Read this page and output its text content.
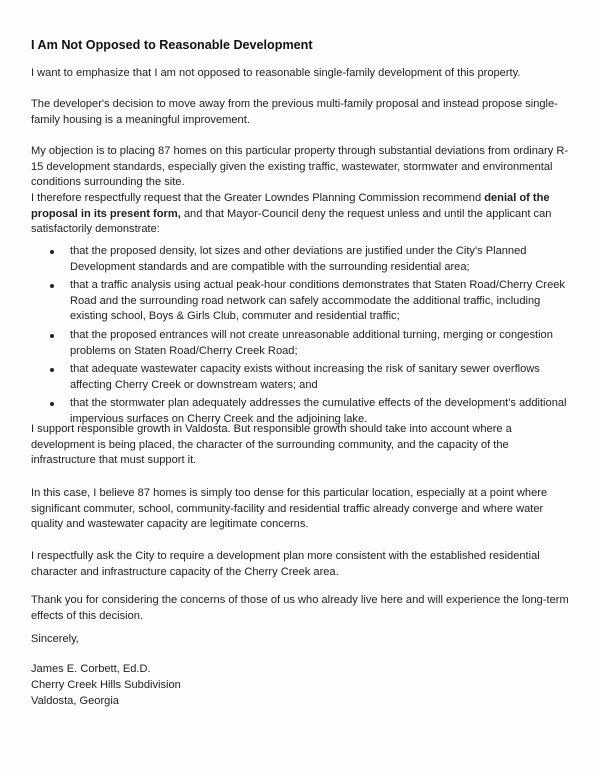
I Am Not Opposed to Reasonable Development

I want to emphasize that I am not opposed to reasonable single-family development of this property.

The developer's decision to move away from the previous multi-family proposal and instead propose single-family housing is a meaningful improvement.

My objection is to placing 87 homes on this particular property through substantial deviations from ordinary R-15 development standards, especially given the existing traffic, wastewater, stormwater and environmental conditions surrounding the site.

I therefore respectfully request that the Greater Lowndes Planning Commission recommend denial of the proposal in its present form, and that Mayor-Council deny the request unless and until the applicant can satisfactorily demonstrate:

that the proposed density, lot sizes and other deviations are justified under the City's Planned Development standards and are compatible with the surrounding residential area;
that a traffic analysis using actual peak-hour conditions demonstrates that Staten Road/Cherry Creek Road and the surrounding road network can safely accommodate the additional traffic, including existing school, Boys & Girls Club, commuter and residential traffic;
that the proposed entrances will not create unreasonable additional turning, merging or congestion problems on Staten Road/Cherry Creek Road;
that adequate wastewater capacity exists without increasing the risk of sanitary sewer overflows affecting Cherry Creek or downstream waters; and
that the stormwater plan adequately addresses the cumulative effects of the development's additional impervious surfaces on Cherry Creek and the adjoining lake.

I support responsible growth in Valdosta. But responsible growth should take into account where a development is being placed, the character of the surrounding community, and the capacity of the infrastructure that must support it.

In this case, I believe 87 homes is simply too dense for this particular location, especially at a point where significant commuter, school, community-facility and residential traffic already converge and where water quality and wastewater capacity are legitimate concerns.

I respectfully ask the City to require a development plan more consistent with the established residential character and infrastructure capacity of the Cherry Creek area.

Thank you for considering the concerns of those of us who already live here and will experience the long-term effects of this decision.

Sincerely,
James E. Corbett, Ed.D.
Cherry Creek Hills Subdivision
Valdosta, Georgia
